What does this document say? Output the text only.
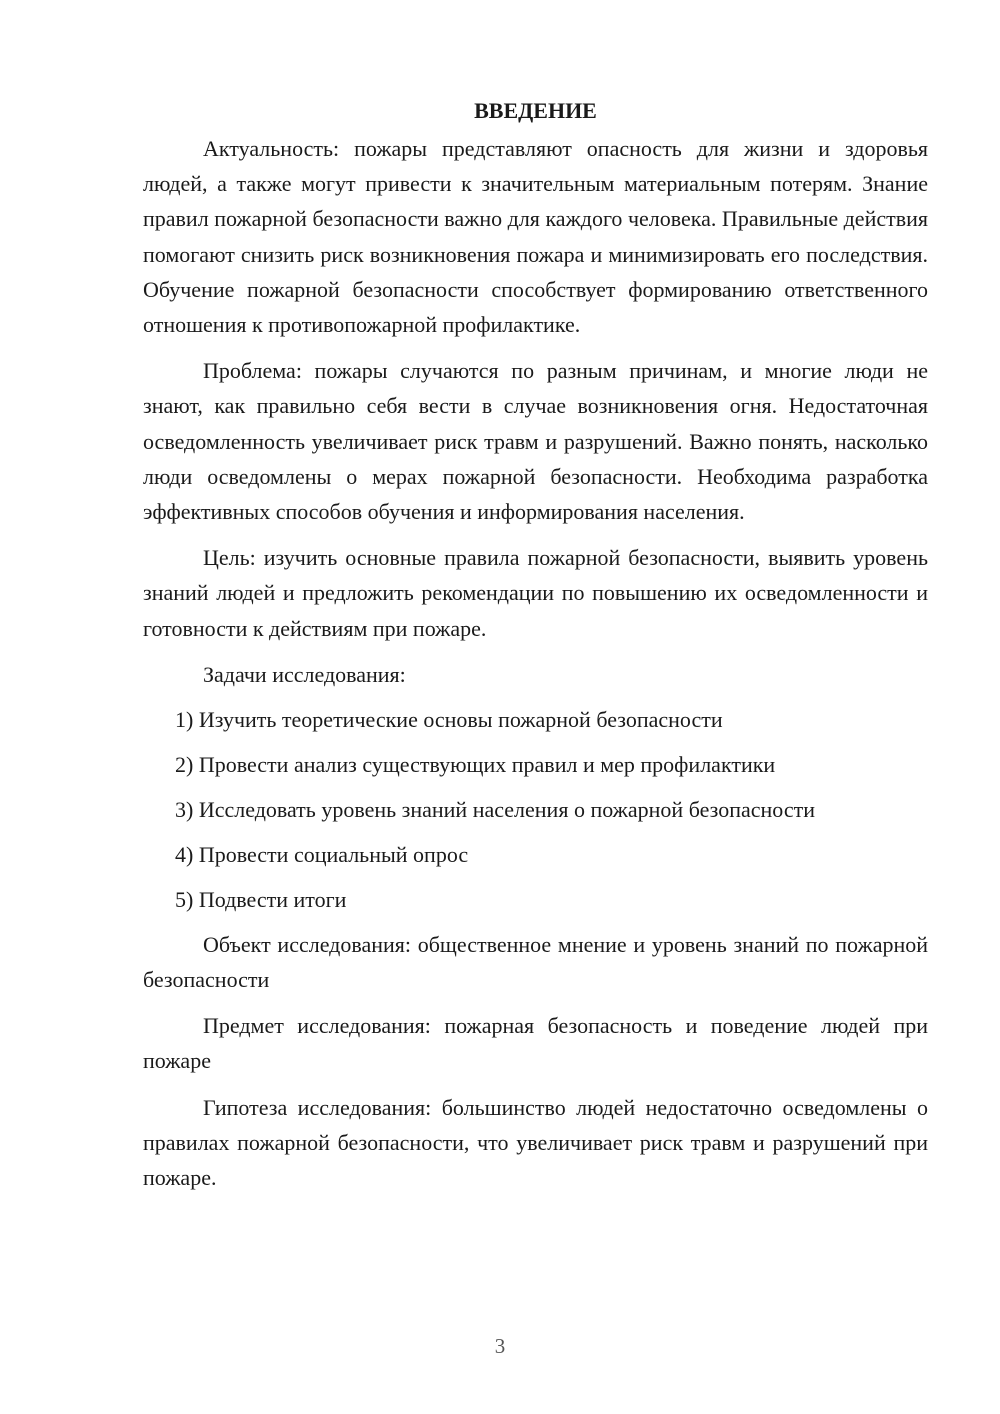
ВВЕДЕНИЕ

Актуальность: пожары представляют опасность для жизни и здоровья людей, а также могут привести к значительным материальным потерям. Знание правил пожарной безопасности важно для каждого человека. Правильные действия помогают снизить риск возникновения пожара и минимизировать его последствия. Обучение пожарной безопасности способствует формированию ответственного отношения к противопожарной профилактике.

Проблема: пожары случаются по разным причинам, и многие люди не знают, как правильно себя вести в случае возникновения огня. Недостаточная осведомленность увеличивает риск травм и разрушений. Важно понять, насколько люди осведомлены о мерах пожарной безопасности. Необходима разработка эффективных способов обучения и информирования населения.

Цель: изучить основные правила пожарной безопасности, выявить уровень знаний людей и предложить рекомендации по повышению их осведомленности и готовности к действиям при пожаре.

Задачи исследования:

1) Изучить теоретические основы пожарной безопасности
2) Провести анализ существующих правил и мер профилактики
3) Исследовать уровень знаний населения о пожарной безопасности
4) Провести социальный опрос
5) Подвести итоги

Объект исследования: общественное мнение и уровень знаний по пожарной безопасности

Предмет исследования: пожарная безопасность и поведение людей при пожаре

Гипотеза исследования: большинство людей недостаточно осведомлены о правилах пожарной безопасности, что увеличивает риск травм и разрушений при пожаре.

3
